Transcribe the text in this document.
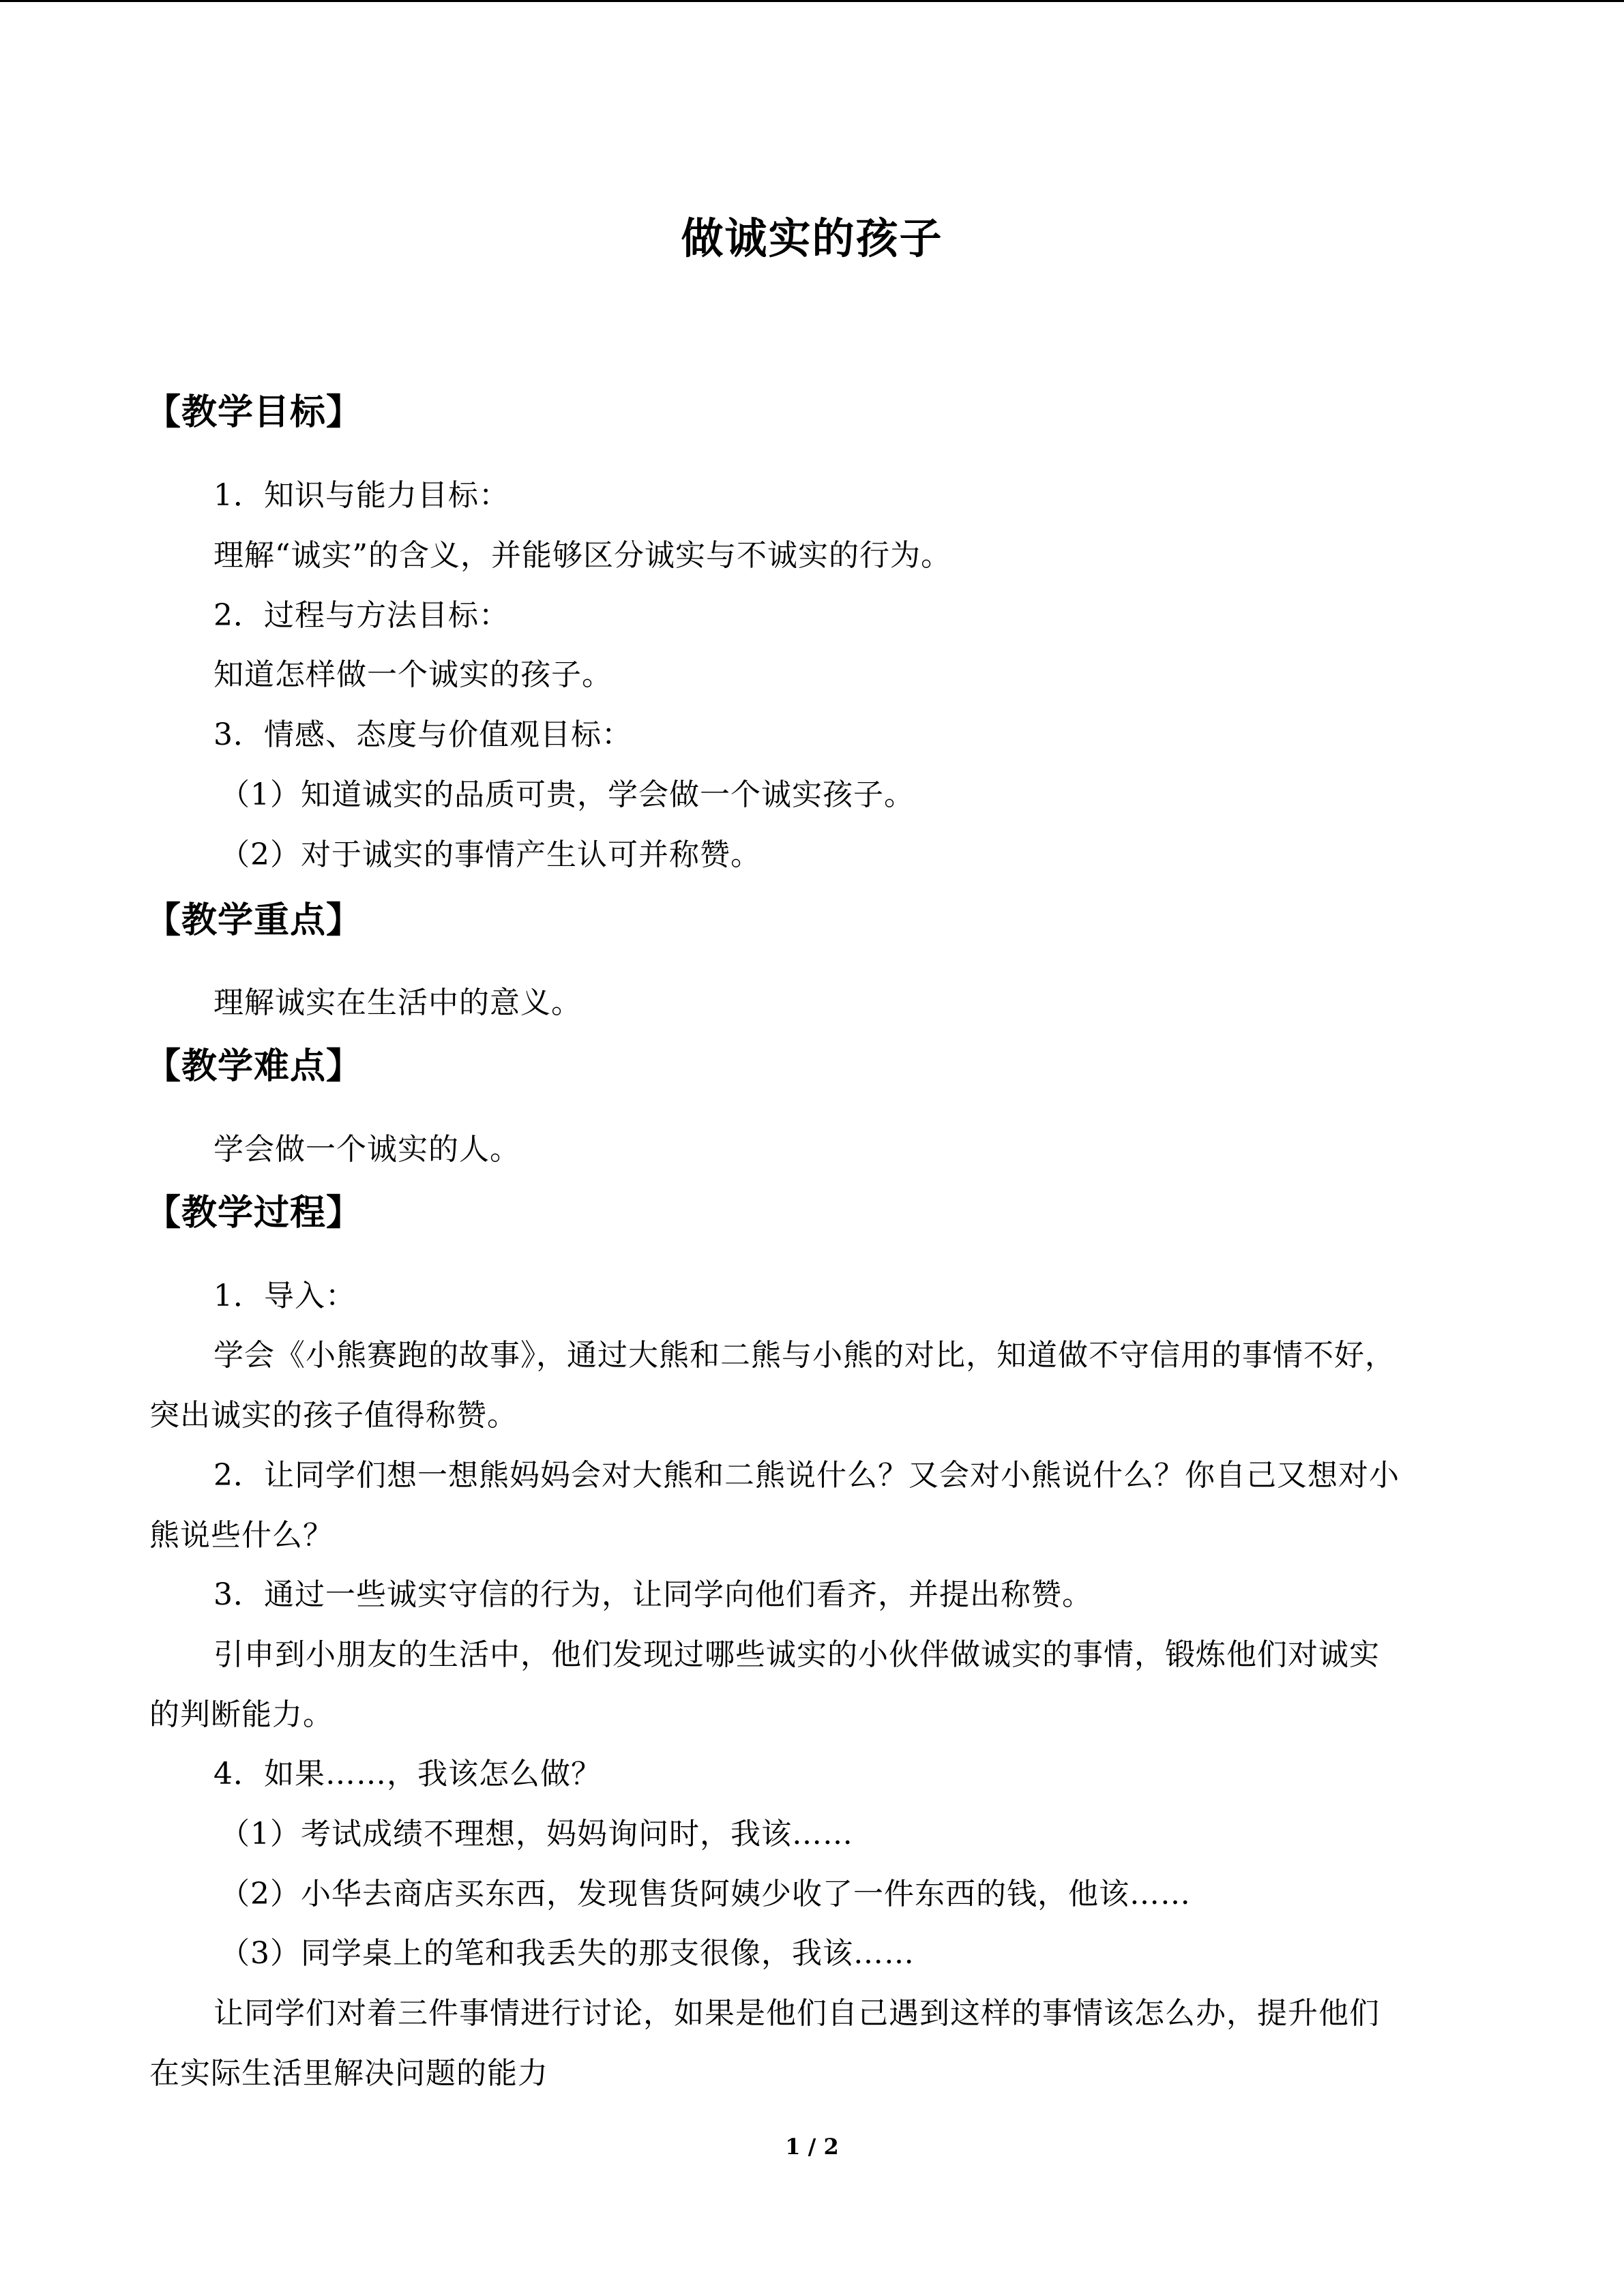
做诚实的孩子
【教学目标】
1．知识与能力目标：
理解“诚实”的含义，并能够区分诚实与不诚实的行为。
2．过程与方法目标：
知道怎样做一个诚实的孩子。
3．情感、态度与价值观目标：
（1）知道诚实的品质可贵，学会做一个诚实孩子。
（2）对于诚实的事情产生认可并称赞。
【教学重点】
理解诚实在生活中的意义。
【教学难点】
学会做一个诚实的人。
【教学过程】
1．导入：
学会《小熊赛跑的故事》，通过大熊和二熊与小熊的对比，知道做不守信用的事情不好，
突出诚实的孩子值得称赞。
2．让同学们想一想熊妈妈会对大熊和二熊说什么？又会对小熊说什么？你自己又想对小
熊说些什么？
3．通过一些诚实守信的行为，让同学向他们看齐，并提出称赞。
引申到小朋友的生活中，他们发现过哪些诚实的小伙伴做诚实的事情，锻炼他们对诚实
的判断能力。
4．如果……，我该怎么做？
（1）考试成绩不理想，妈妈询问时，我该……
（2）小华去商店买东西，发现售货阿姨少收了一件东西的钱，他该……
（3）同学桌上的笔和我丢失的那支很像，我该……
让同学们对着三件事情进行讨论，如果是他们自己遇到这样的事情该怎么办，提升他们
在实际生活里解决问题的能力
1 / 2
